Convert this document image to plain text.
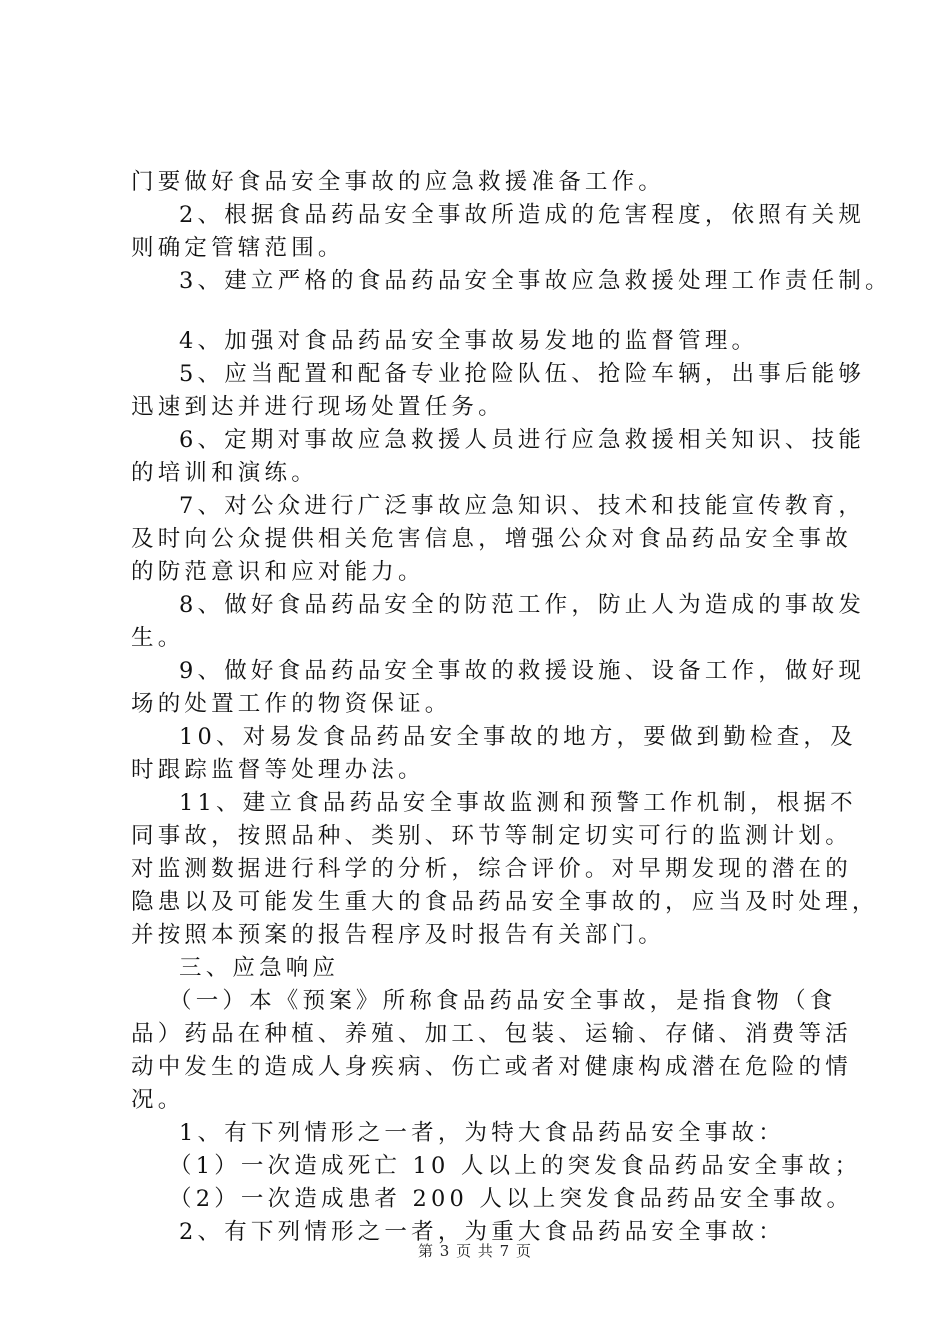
门要做好食品安全事故的应急救援准备工作。
2、根据食品药品安全事故所造成的危害程度，依照有关规
则确定管辖范围。
3、建立严格的食品药品安全事故应急救援处理工作责任制。
4、加强对食品药品安全事故易发地的监督管理。
5、应当配置和配备专业抢险队伍、抢险车辆，出事后能够
迅速到达并进行现场处置任务。
6、定期对事故应急救援人员进行应急救援相关知识、技能
的培训和演练。
7、对公众进行广泛事故应急知识、技术和技能宣传教育，
及时向公众提供相关危害信息，增强公众对食品药品安全事故
的防范意识和应对能力。
8、做好食品药品安全的防范工作，防止人为造成的事故发
生。
9、做好食品药品安全事故的救援设施、设备工作，做好现
场的处置工作的物资保证。
10、对易发食品药品安全事故的地方，要做到勤检查，及
时跟踪监督等处理办法。
11、建立食品药品安全事故监测和预警工作机制，根据不
同事故，按照品种、类别、环节等制定切实可行的监测计划。
对监测数据进行科学的分析，综合评价。对早期发现的潜在的
隐患以及可能发生重大的食品药品安全事故的，应当及时处理，
并按照本预案的报告程序及时报告有关部门。
三、应急响应
（一）本《预案》所称食品药品安全事故，是指食物（食
品）药品在种植、养殖、加工、包装、运输、存储、消费等活
动中发生的造成人身疾病、伤亡或者对健康构成潜在危险的情
况。
1、有下列情形之一者，为特大食品药品安全事故：
（1）一次造成死亡 10 人以上的突发食品药品安全事故；
（2）一次造成患者 200 人以上突发食品药品安全事故。
2、有下列情形之一者，为重大食品药品安全事故：
第 3 页 共 7 页
